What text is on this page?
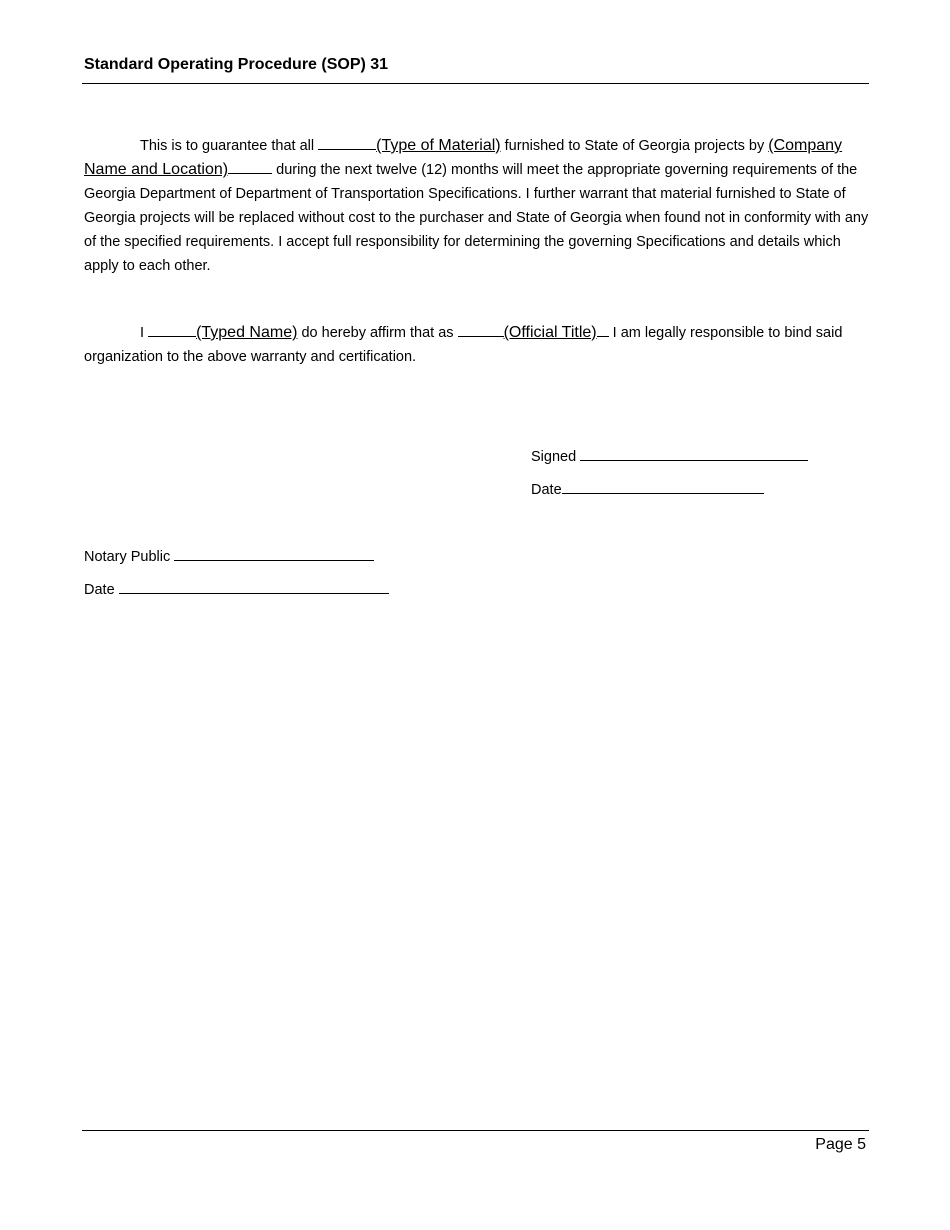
Standard Operating Procedure (SOP) 31
This is to guarantee that all	(Type of Material) furnished to State of Georgia projects by (Company Name and Location)	during the next twelve (12) months will meet the appropriate governing requirements of the Georgia Department of Department of Transportation Specifications. I further warrant that material furnished to State of Georgia projects will be replaced without cost to the purchaser and State of Georgia when found not in conformity with any of the specified requirements. I accept full responsibility for determining the governing Specifications and details which apply to each other.
I	(Typed Name) do hereby affirm that as	(Official Title) I am legally responsible to bind said organization to the above warranty and certification.
Signed
Date
Notary Public
Date
Page 5
